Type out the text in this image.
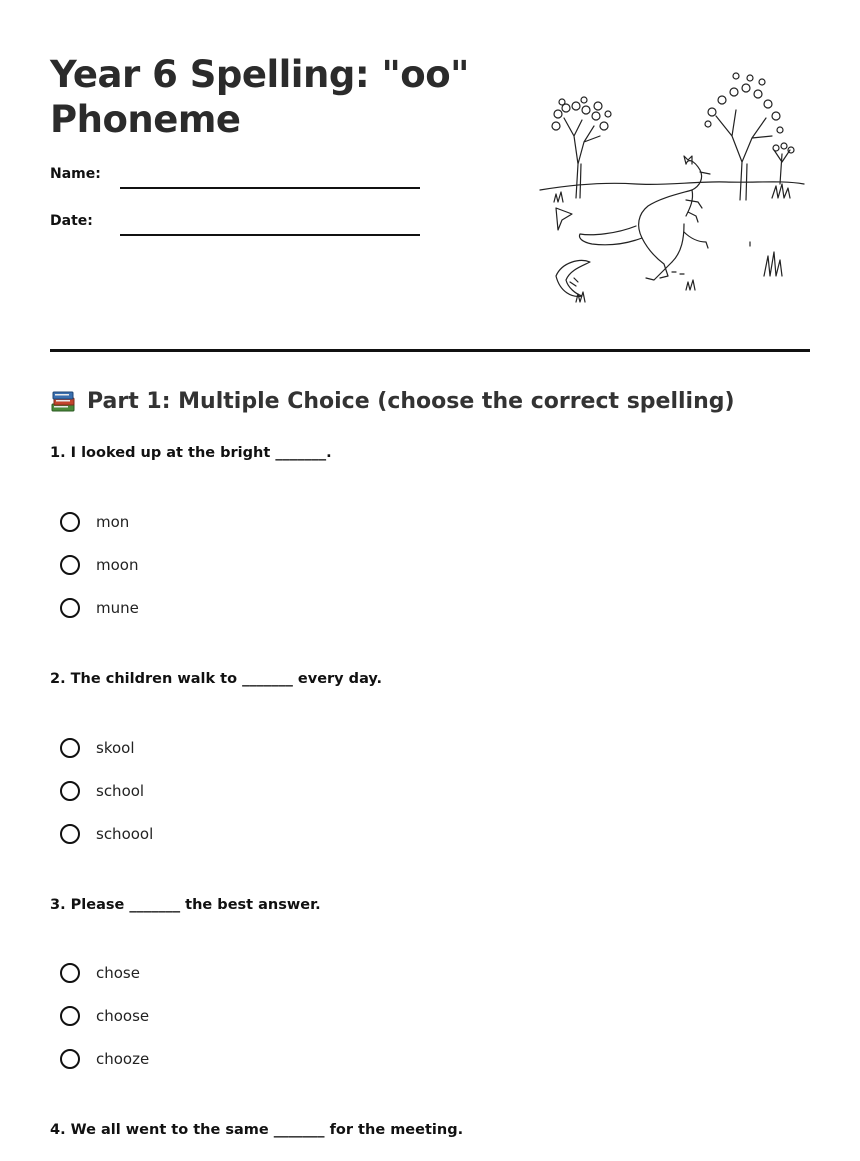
Year 6 Spelling: "oo" Phoneme
Name:
Date:
Part 1: Multiple Choice (choose the correct spelling)
1. I looked up at the bright _______.
mon
moon
mune
2. The children walk to _______ every day.
skool
school
schoool
3. Please _______ the best answer.
chose
choose
chooze
4. We all went to the same _______ for the meeting.
